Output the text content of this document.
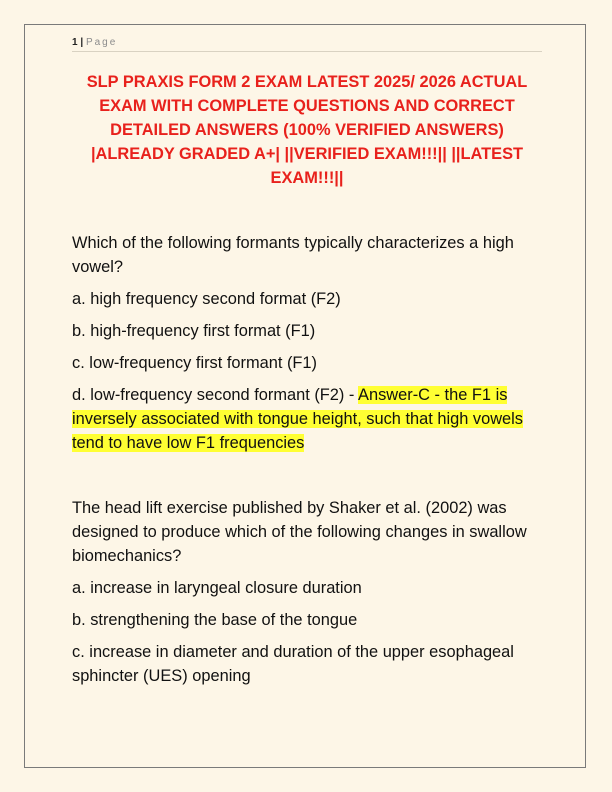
1 | Page
SLP PRAXIS FORM 2 EXAM LATEST 2025/ 2026 ACTUAL EXAM WITH COMPLETE QUESTIONS AND CORRECT DETAILED ANSWERS (100% VERIFIED ANSWERS) |ALREADY GRADED A+| ||VERIFIED EXAM!!!|| ||LATEST EXAM!!!||

Which of the following formants typically characterizes a high vowel?

a. high frequency second format (F2)

b. high-frequency first format (F1)

c. low-frequency first formant (F1)

d. low-frequency second formant (F2) - Answer-C - the F1 is inversely associated with tongue height, such that high vowels tend to have low F1 frequencies

The head lift exercise published by Shaker et al. (2002) was designed to produce which of the following changes in swallow biomechanics?

a. increase in laryngeal closure duration

b. strengthening the base of the tongue

c. increase in diameter and duration of the upper esophageal sphincter (UES) opening
